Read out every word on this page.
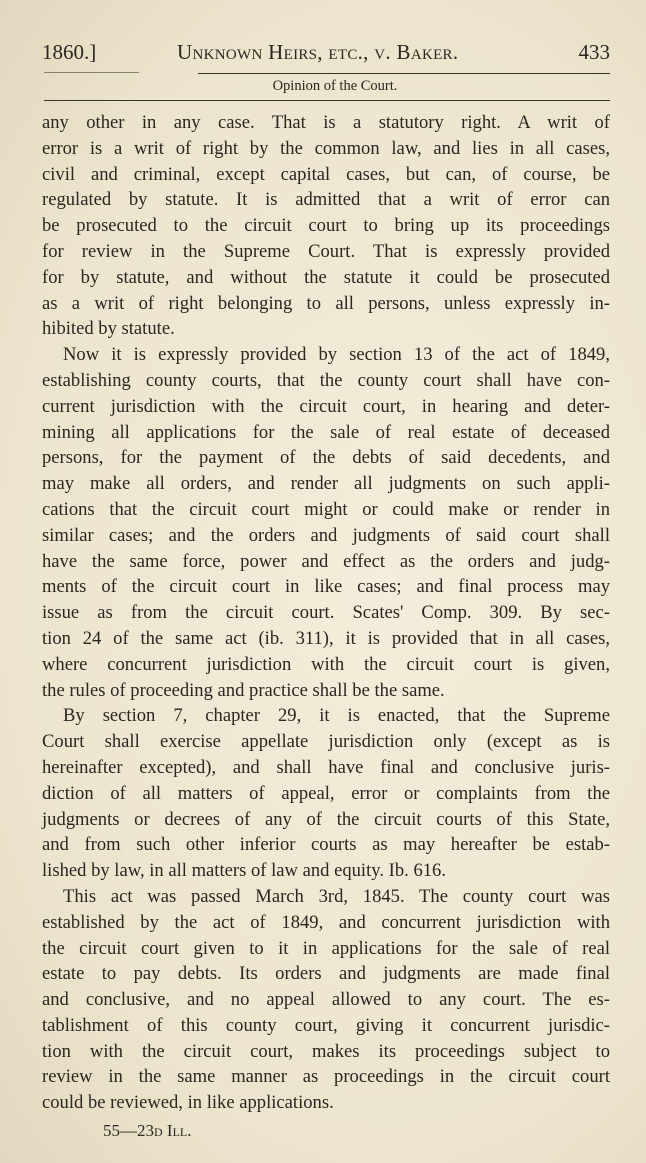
1860.]	Unknown Heirs, etc., v. Baker.	433
Opinion of the Court.
any other in any case. That is a statutory right. A writ of
error is a writ of right by the common law, and lies in all cases,
civil and criminal, except capital cases, but can, of course, be
regulated by statute. It is admitted that a writ of error can
be prosecuted to the circuit court to bring up its proceedings
for review in the Supreme Court. That is expressly provided
for by statute, and without the statute it could be prosecuted
as a writ of right belonging to all persons, unless expressly in-
hibited by statute.
Now it is expressly provided by section 13 of the act of 1849,
establishing county courts, that the county court shall have con-
current jurisdiction with the circuit court, in hearing and deter-
mining all applications for the sale of real estate of deceased
persons, for the payment of the debts of said decedents, and
may make all orders, and render all judgments on such appli-
cations that the circuit court might or could make or render in
similar cases; and the orders and judgments of said court shall
have the same force, power and effect as the orders and judg-
ments of the circuit court in like cases; and final process may
issue as from the circuit court. Scates' Comp. 309. By sec-
tion 24 of the same act (ib. 311), it is provided that in all cases,
where concurrent jurisdiction with the circuit court is given,
the rules of proceeding and practice shall be the same.
By section 7, chapter 29, it is enacted, that the Supreme
Court shall exercise appellate jurisdiction only (except as is
hereinafter excepted), and shall have final and conclusive juris-
diction of all matters of appeal, error or complaints from the
judgments or decrees of any of the circuit courts of this State,
and from such other inferior courts as may hereafter be estab-
lished by law, in all matters of law and equity. Ib. 616.
This act was passed March 3rd, 1845. The county court was
established by the act of 1849, and concurrent jurisdiction with
the circuit court given to it in applications for the sale of real
estate to pay debts. Its orders and judgments are made final
and conclusive, and no appeal allowed to any court. The es-
tablishment of this county court, giving it concurrent jurisdic-
tion with the circuit court, makes its proceedings subject to
review in the same manner as proceedings in the circuit court
could be reviewed, in like applications.
55—23d Ill.
